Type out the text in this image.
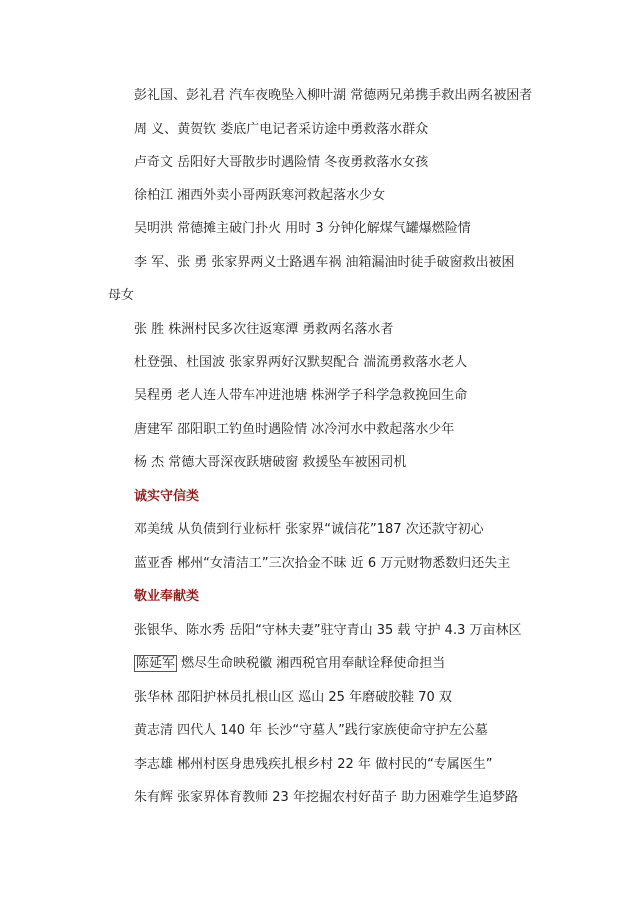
彭礼国、彭礼君 汽车夜晚坠入柳叶湖 常德两兄弟携手救出两名被困者
周 义、黄贺钦 娄底广电记者采访途中勇救落水群众
卢奇文 岳阳好大哥散步时遇险情 冬夜勇救落水女孩
徐柏江 湘西外卖小哥两跃寒河救起落水少女
吴明洪 常德摊主破门扑火 用时 3 分钟化解煤气罐爆燃险情
李 军、张 勇 张家界两义士路遇车祸 油箱漏油时徒手破窗救出被困
母女
张 胜 株洲村民多次往返寒潭 勇救两名落水者
杜登强、杜国波 张家界两好汉默契配合 湍流勇救落水老人
吴程勇 老人连人带车冲进池塘 株洲学子科学急救挽回生命
唐建军 邵阳职工钓鱼时遇险情 冰冷河水中救起落水少年
杨 杰 常德大哥深夜跃塘破窗 救援坠车被困司机
诚实守信类
邓美绒 从负债到行业标杆 张家界“诚信花”187 次还款守初心
蓝亚香 郴州“女清洁工”三次拾金不昧 近 6 万元财物悉数归还失主
敬业奉献类
张银华、陈水秀 岳阳“守林夫妻”驻守青山 35 载 守护 4.3 万亩林区
陈延军 燃尽生命映税徽 湘西税官用奉献诠释使命担当
张华林 邵阳护林员扎根山区 巡山 25 年磨破胶鞋 70 双
黄志清 四代人 140 年 长沙“守墓人”践行家族使命守护左公墓
李志雄 郴州村医身患残疾扎根乡村 22 年 做村民的“专属医生”
朱有辉 张家界体育教师 23 年挖掘农村好苗子 助力困难学生追梦路
